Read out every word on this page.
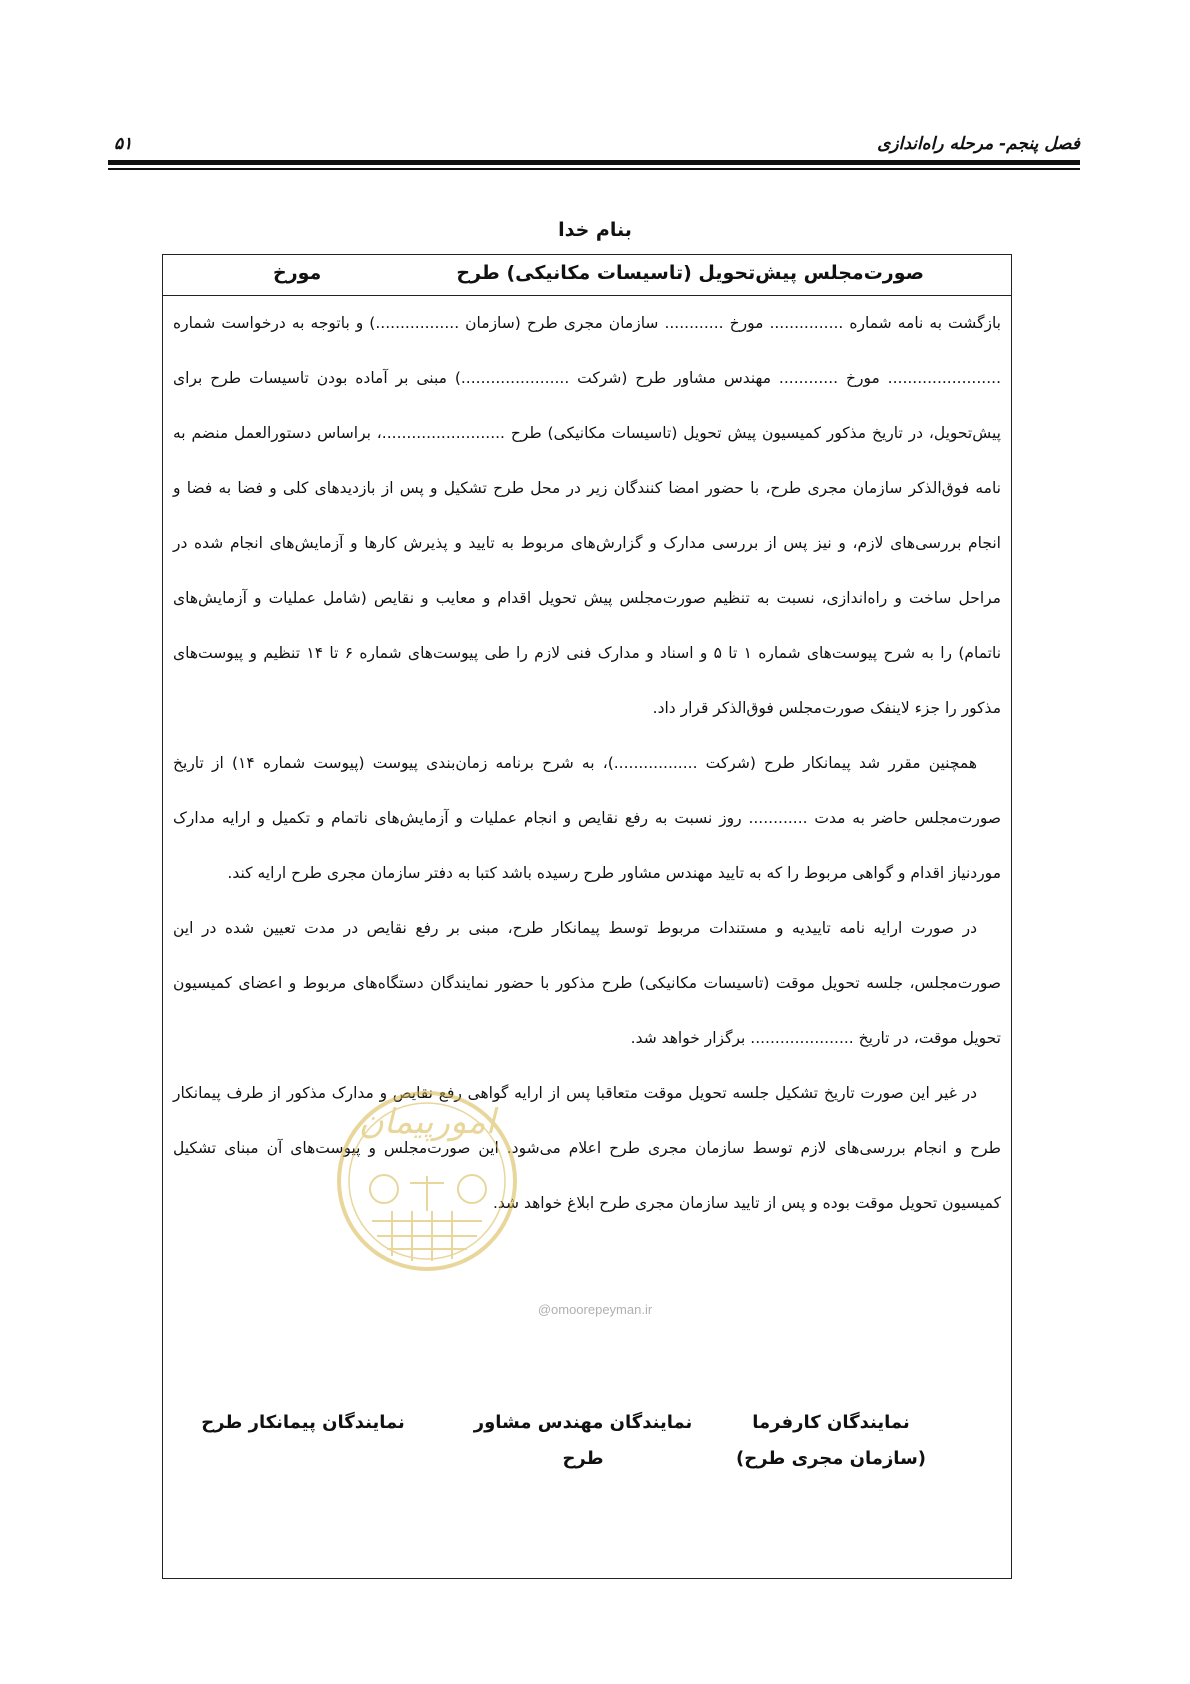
فصل پنجم- مرحله راه‌اندازی
۵۱
بنام خدا
صورت‌مجلس پیش‌تحویل (تاسیسات مکانیکی) طرح
مورخ

بازگشت به نامه شماره ............... مورخ ............ سازمان مجری طرح (سازمان .................) و باتوجه به درخواست شماره ....................... مورخ ............ مهندس مشاور طرح (شرکت ......................) مبنی بر آماده بودن تاسیسات طرح برای پیش‌تحویل، در تاریخ مذکور کمیسیون پیش تحویل (تاسیسات مکانیکی) طرح .........................، براساس دستورالعمل منضم به نامه فوق‌الذکر سازمان مجری طرح، با حضور امضا کنندگان زیر در محل طرح تشکیل و پس از بازدیدهای کلی و فضا به فضا و انجام بررسی‌های لازم، و نیز پس از بررسی مدارک و گزارش‌های مربوط به تایید و پذیرش کارها و آزمایش‌های انجام شده در مراحل ساخت و راه‌اندازی، نسبت به تنظیم صورت‌مجلس پیش تحویل اقدام و معایب و نقایص (شامل عملیات و آزمایش‌های ناتمام) را به شرح پیوست‌های شماره ۱ تا ۵ و اسناد و مدارک فنی لازم را طی پیوست‌های شماره ۶ تا ۱۴ تنظیم و پیوست‌های مذکور را جزء لاینفک صورت‌مجلس فوق‌الذکر قرار داد.

همچنین مقرر شد پیمانکار طرح (شرکت .................)، به شرح برنامه زمان‌بندی پیوست (پیوست شماره ۱۴) از تاریخ صورت‌مجلس حاضر به مدت ............ روز نسبت به رفع نقایص و انجام عملیات و آزمایش‌های ناتمام و تکمیل و ارایه مدارک موردنیاز اقدام و گواهی مربوط را که به تایید مهندس مشاور طرح رسیده باشد کتبا به دفتر سازمان مجری طرح ارایه کند.

در صورت ارایه نامه تاییدیه و مستندات مربوط توسط پیمانکار طرح، مبنی بر رفع نقایص در مدت تعیین شده در این صورت‌مجلس، جلسه تحویل موقت (تاسیسات مکانیکی) طرح مذکور با حضور نمایندگان دستگاه‌های مربوط و اعضای کمیسیون تحویل موقت، در تاریخ ..................... برگزار خواهد شد.

در غیر این صورت تاریخ تشکیل جلسه تحویل موقت متعاقبا پس از ارایه گواهی رفع نقایص و مدارک مذکور از طرف پیمانکار طرح و انجام بررسی‌های لازم توسط سازمان مجری طرح اعلام می‌شود. این صورت‌مجلس و پیوست‌های آن مبنای تشکیل کمیسیون تحویل موقت بوده و پس از تایید سازمان مجری طرح ابلاغ خواهد شد.

نمایندگان کارفرما
(سازمان مجری طرح)
نمایندگان مهندس مشاور
طرح
نمایندگان پیمانکار طرح
امورپیمان
@omoorepeyman.ir
